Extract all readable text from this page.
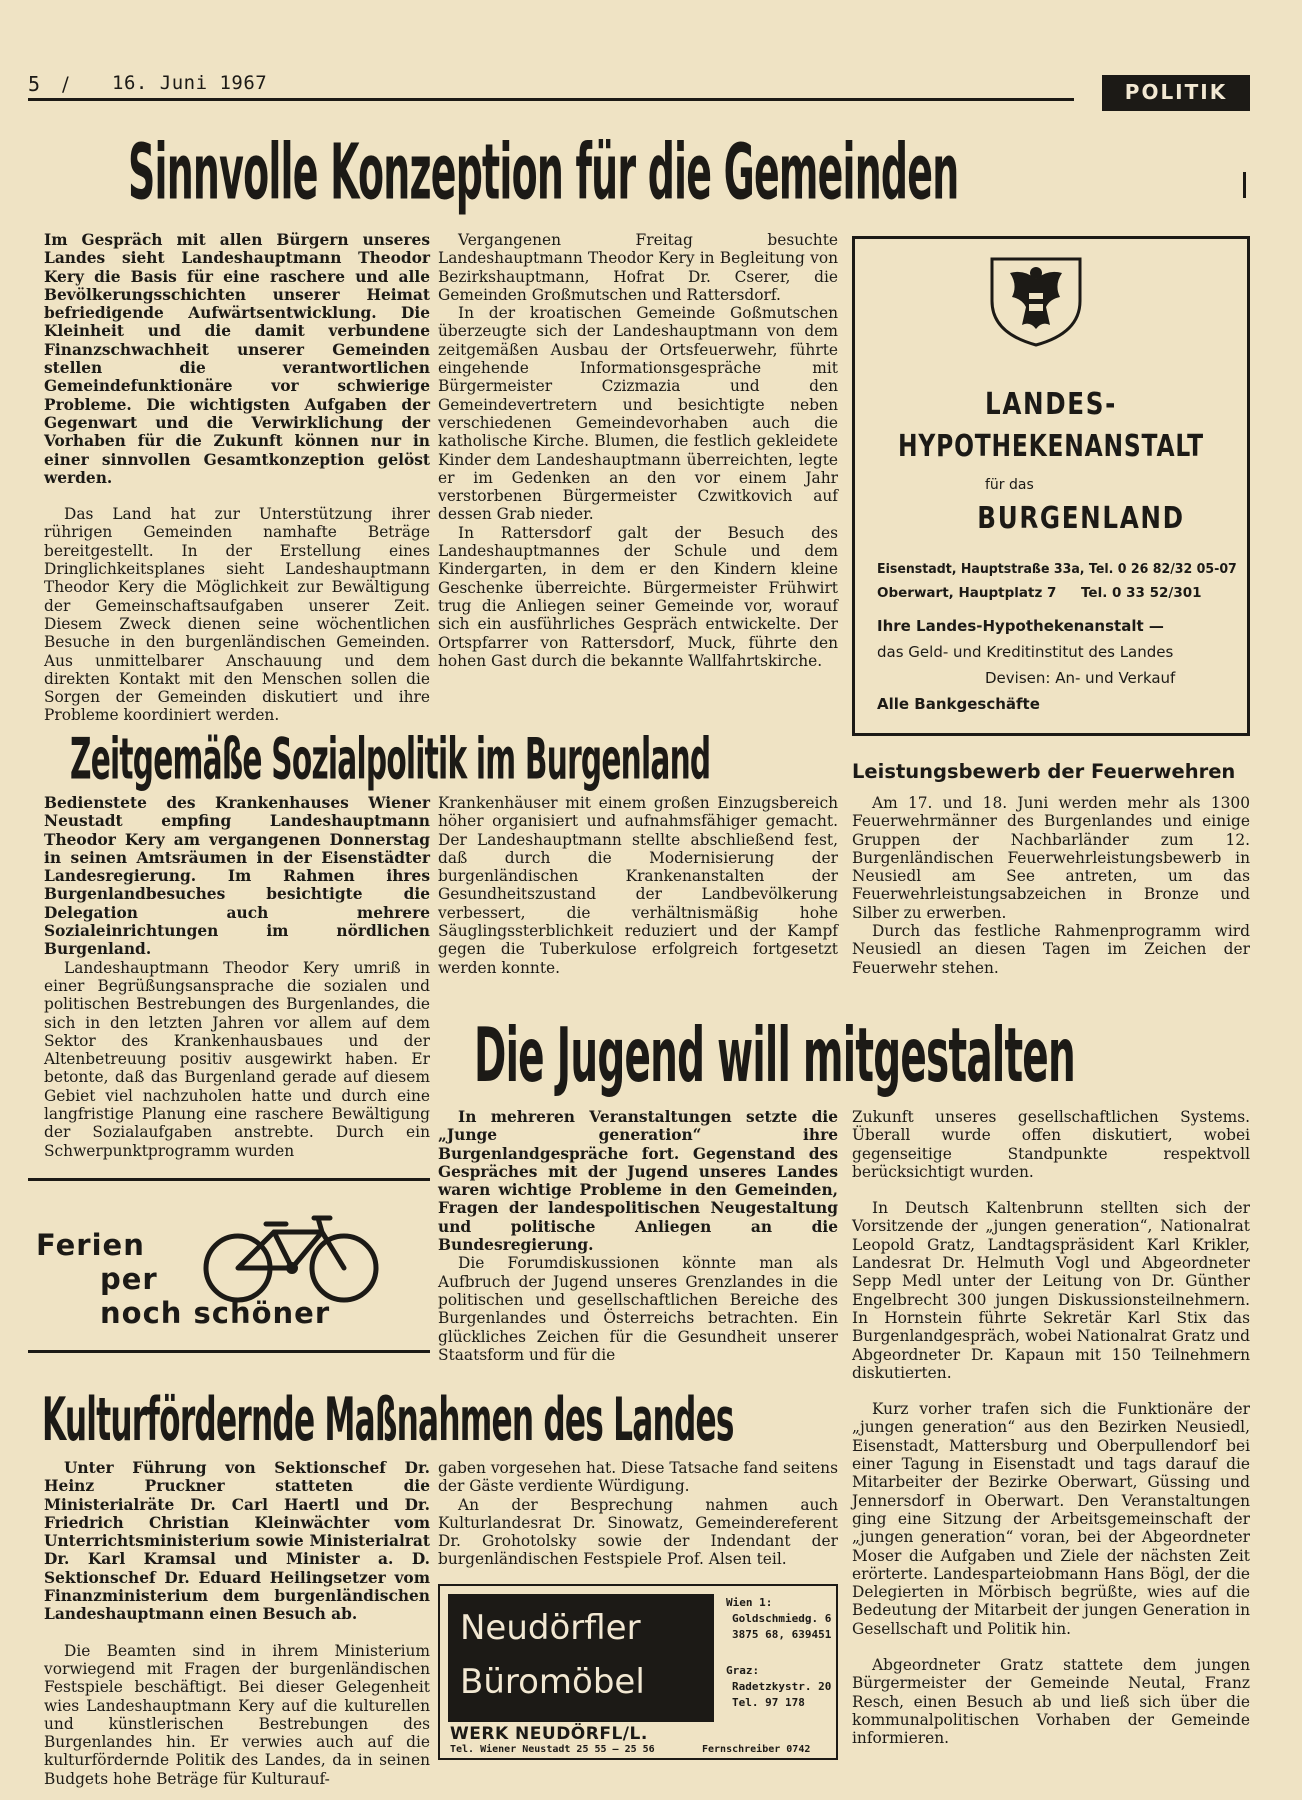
5 / 16. Juni 1967	POLITIK
Sinnvolle Konzeption für die Gemeinden

Im Gespräch mit allen Bürgern unseres Landes sieht Landeshauptmann Theodor Kery die Basis für eine raschere und alle Bevölkerungsschichten unserer Heimat befriedigende Aufwärtsentwicklung. Die Kleinheit und die damit verbundene Finanzschwachheit unserer Gemeinden stellen die verantwortlichen Gemeindefunktionäre vor schwierige Probleme. Die wichtigsten Aufgaben der Gegenwart und die Verwirklichung der Vorhaben für die Zukunft können nur in einer sinnvollen Gesamtkonzeption gelöst werden.

Das Land hat zur Unterstützung ihrer rührigen Gemeinden namhafte Beträge bereitgestellt. In der Erstellung eines Dringlichkeitsplanes sieht Landeshauptmann Theodor Kery die Möglichkeit zur Bewältigung der Gemeinschaftsaufgaben unserer Zeit. Diesem Zweck dienen seine wöchentlichen Besuche in den burgenländischen Gemeinden. Aus unmittelbarer Anschauung und dem direkten Kontakt mit den Menschen sollen die Sorgen der Gemeinden diskutiert und ihre Probleme koordiniert werden.

Vergangenen Freitag besuchte Landeshauptmann Theodor Kery in Begleitung von Bezirkshauptmann, Hofrat Dr. Cserer, die Gemeinden Großmutschen und Rattersdorf.

In der kroatischen Gemeinde Goßmutschen überzeugte sich der Landeshauptmann von dem zeitgemäßen Ausbau der Ortsfeuerwehr, führte eingehende Informationsgespräche mit Bürgermeister Czizmazia und den Gemeindevertretern und besichtigte neben verschiedenen Gemeindevorhaben auch die katholische Kirche. Blumen, die festlich gekleidete Kinder dem Landeshauptmann überreichten, legte er im Gedenken an den vor einem Jahr verstorbenen Bürgermeister Czwitkovich auf dessen Grab nieder.

In Rattersdorf galt der Besuch des Landeshauptmannes der Schule und dem Kindergarten, in dem er den Kindern kleine Geschenke überreichte. Bürgermeister Frühwirt trug die Anliegen seiner Gemeinde vor, worauf sich ein ausführliches Gespräch entwickelte. Der Ortspfarrer von Rattersdorf, Muck, führte den hohen Gast durch die bekannte Wallfahrtskirche.

LANDES-
HYPOTHEKENANSTALT
für das
BURGENLAND
Eisenstadt, Hauptstraße 33a, Tel. 0 26 82/32 05-07
Oberwart, Hauptplatz 7 Tel. 0 33 52/301
Ihre Landes-Hypothekenanstalt —
das Geld- und Kreditinstitut des Landes
Devisen: An- und Verkauf
Alle Bankgeschäfte
Zeitgemäße Sozialpolitik im Burgenland

Bedienstete des Krankenhauses Wiener Neustadt empfing Landeshauptmann Theodor Kery am vergangenen Donnerstag in seinen Amtsräumen in der Eisenstädter Landesregierung. Im Rahmen ihres Burgenlandbesuches besichtigte die Delegation auch mehrere Sozialeinrichtungen im nördlichen Burgenland.

Landeshauptmann Theodor Kery umriß in einer Begrüßungsansprache die sozialen und politischen Bestrebungen des Burgenlandes, die sich in den letzten Jahren vor allem auf dem Sektor des Krankenhausbaues und der Altenbetreuung positiv ausgewirkt haben. Er betonte, daß das Burgenland gerade auf diesem Gebiet viel nachzuholen hatte und durch eine langfristige Planung eine raschere Bewältigung der Sozialaufgaben anstrebte. Durch ein Schwerpunktprogramm wurden

Krankenhäuser mit einem großen Einzugsbereich höher organisiert und aufnahmsfähiger gemacht. Der Landeshauptmann stellte abschließend fest, daß durch die Modernisierung der burgenländischen Krankenanstalten der Gesundheitszustand der Landbevölkerung verbessert, die verhältnismäßig hohe Säuglingssterblichkeit reduziert und der Kampf gegen die Tuberkulose erfolgreich fortgesetzt werden konnte.

Leistungsbewerb der Feuerwehren

Am 17. und 18. Juni werden mehr als 1300 Feuerwehrmänner des Burgenlandes und einige Gruppen der Nachbarländer zum 12. Burgenländischen Feuerwehrleistungsbewerb in Neusiedl am See antreten, um das Feuerwehrleistungsabzeichen in Bronze und Silber zu erwerben.

Durch das festliche Rahmenprogramm wird Neusiedl an diesen Tagen im Zeichen der Feuerwehr stehen.

Die Jugend will mitgestalten

In mehreren Veranstaltungen setzte die „Junge generation“ ihre Burgenlandgespräche fort. Gegenstand des Gespräches mit der Jugend unseres Landes waren wichtige Probleme in den Gemeinden, Fragen der landespolitischen Neugestaltung und politische Anliegen an die Bundesregierung.

Die Forumdiskussionen könnte man als Aufbruch der Jugend unseres Grenzlandes in die politischen und gesellschaftlichen Bereiche des Burgenlandes und Österreichs betrachten. Ein glückliches Zeichen für die Gesundheit unserer Staatsform und für die

Zukunft unseres gesellschaftlichen Systems. Überall wurde offen diskutiert, wobei gegenseitige Standpunkte respektvoll berücksichtigt wurden.

In Deutsch Kaltenbrunn stellten sich der Vorsitzende der „jungen generation“, Nationalrat Leopold Gratz, Landtagspräsident Karl Krikler, Landesrat Dr. Helmuth Vogl und Abgeordneter Sepp Medl unter der Leitung von Dr. Günther Engelbrecht 300 jungen Diskussionsteilnehmern. In Hornstein führte Sekretär Karl Stix das Burgenlandgespräch, wobei Nationalrat Gratz und Abgeordneter Dr. Kapaun mit 150 Teilnehmern diskutierten.

Kurz vorher trafen sich die Funktionäre der „jungen generation“ aus den Bezirken Neusiedl, Eisenstadt, Mattersburg und Oberpullendorf bei einer Tagung in Eisenstadt und tags darauf die Mitarbeiter der Bezirke Oberwart, Güssing und Jennersdorf in Oberwart. Den Veranstaltungen ging eine Sitzung der Arbeitsgemeinschaft der „jungen generation“ voran, bei der Abgeordneter Moser die Aufgaben und Ziele der nächsten Zeit erörterte. Landesparteiobmann Hans Bögl, der die Delegierten in Mörbisch begrüßte, wies auf die Bedeutung der Mitarbeit der jungen Generation in Gesellschaft und Politik hin.

Abgeordneter Gratz stattete dem jungen Bürgermeister der Gemeinde Neutal, Franz Resch, einen Besuch ab und ließ sich über die kommunalpolitischen Vorhaben der Gemeinde informieren.

Ferien
per
noch schöner
Kulturfördernde Maßnahmen des Landes

Unter Führung von Sektionschef Dr. Heinz Pruckner statteten die Ministerialräte Dr. Carl Haertl und Dr. Friedrich Christian Kleinwächter vom Unterrichtsministerium sowie Ministerialrat Dr. Karl Kramsal und Minister a. D. Sektionschef Dr. Eduard Heilingsetzer vom Finanzministerium dem burgenländischen Landeshauptmann einen Besuch ab.

Die Beamten sind in ihrem Ministerium vorwiegend mit Fragen der burgenländischen Festspiele beschäftigt. Bei dieser Gelegenheit wies Landeshauptmann Kery auf die kulturellen und künstlerischen Bestrebungen des Burgenlandes hin. Er verwies auch auf die kulturfördernde Politik des Landes, da in seinen Budgets hohe Beträge für Kulturauf-

gaben vorgesehen hat. Diese Tatsache fand seitens der Gäste verdiente Würdigung.

An der Besprechung nahmen auch Kulturlandesrat Dr. Sinowatz, Gemeindereferent Dr. Grohotolsky sowie der Indendant der burgenländischen Festspiele Prof. Alsen teil.

Neudörfler
Büromöbel
Wien 1:
Goldschmiedg. 6
3875 68, 639451
Graz:
Radetzkystr. 20
Tel. 97 178
WERK NEUDÖRFL/L.
Tel. Wiener Neustadt 25 55 — 25 56	Fernschreiber 0742
